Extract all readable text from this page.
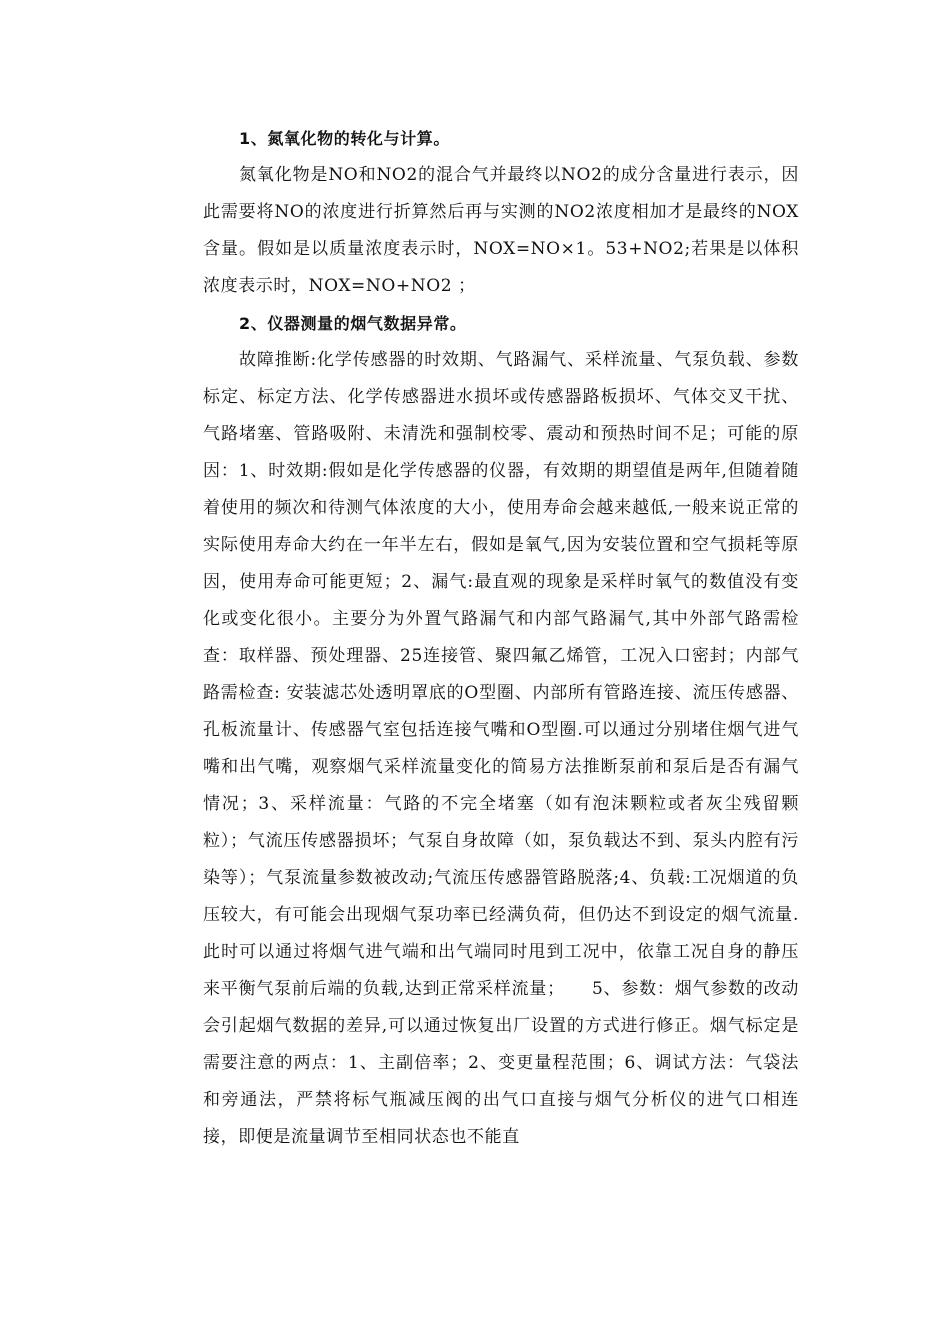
1、氮氧化物的转化与计算。

氮氧化物是NO和NO2的混合气并最终以NO2的成分含量进行表示，因此需要将NO的浓度进行折算然后再与实测的NO2浓度相加才是最终的NOX含量。假如是以质量浓度表示时，NOX=NO×1。53+NO2;若果是以体积浓度表示时，NOX=NO+NO2 ；

2、仪器测量的烟气数据异常。

故障推断:化学传感器的时效期、气路漏气、采样流量、气泵负载、参数标定、标定方法、化学传感器进水损坏或传感器路板损坏、气体交叉干扰、气路堵塞、管路吸附、未清洗和强制校零、震动和预热时间不足；可能的原因：1、时效期:假如是化学传感器的仪器，有效期的期望值是两年,但随着随着使用的频次和待测气体浓度的大小，使用寿命会越来越低,一般来说正常的实际使用寿命大约在一年半左右，假如是氧气,因为安装位置和空气损耗等原因，使用寿命可能更短；2、漏气:最直观的现象是采样时氧气的数值没有变化或变化很小。主要分为外置气路漏气和内部气路漏气,其中外部气路需检查：取样器、预处理器、25连接管、聚四氟乙烯管，工况入口密封；内部气路需检查: 安装滤芯处透明罩底的O型圈、内部所有管路连接、流压传感器、孔板流量计、传感器气室包括连接气嘴和O型圈.可以通过分别堵住烟气进气嘴和出气嘴，观察烟气采样流量变化的简易方法推断泵前和泵后是否有漏气情况；3、采样流量：气路的不完全堵塞（如有泡沫颗粒或者灰尘残留颗粒）；气流压传感器损坏；气泵自身故障（如，泵负载达不到、泵头内腔有污染等）；气泵流量参数被改动;气流压传感器管路脱落;4、负载:工况烟道的负压较大，有可能会出现烟气泵功率已经满负荷，但仍达不到设定的烟气流量.此时可以通过将烟气进气端和出气端同时甩到工况中，依靠工况自身的静压来平衡气泵前后端的负载,达到正常采样流量；　　5、参数：烟气参数的改动会引起烟气数据的差异,可以通过恢复出厂设置的方式进行修正。烟气标定是需要注意的两点：1、主副倍率；2、变更量程范围；6、调试方法：气袋法和旁通法，严禁将标气瓶减压阀的出气口直接与烟气分析仪的进气口相连接，即便是流量调节至相同状态也不能直
